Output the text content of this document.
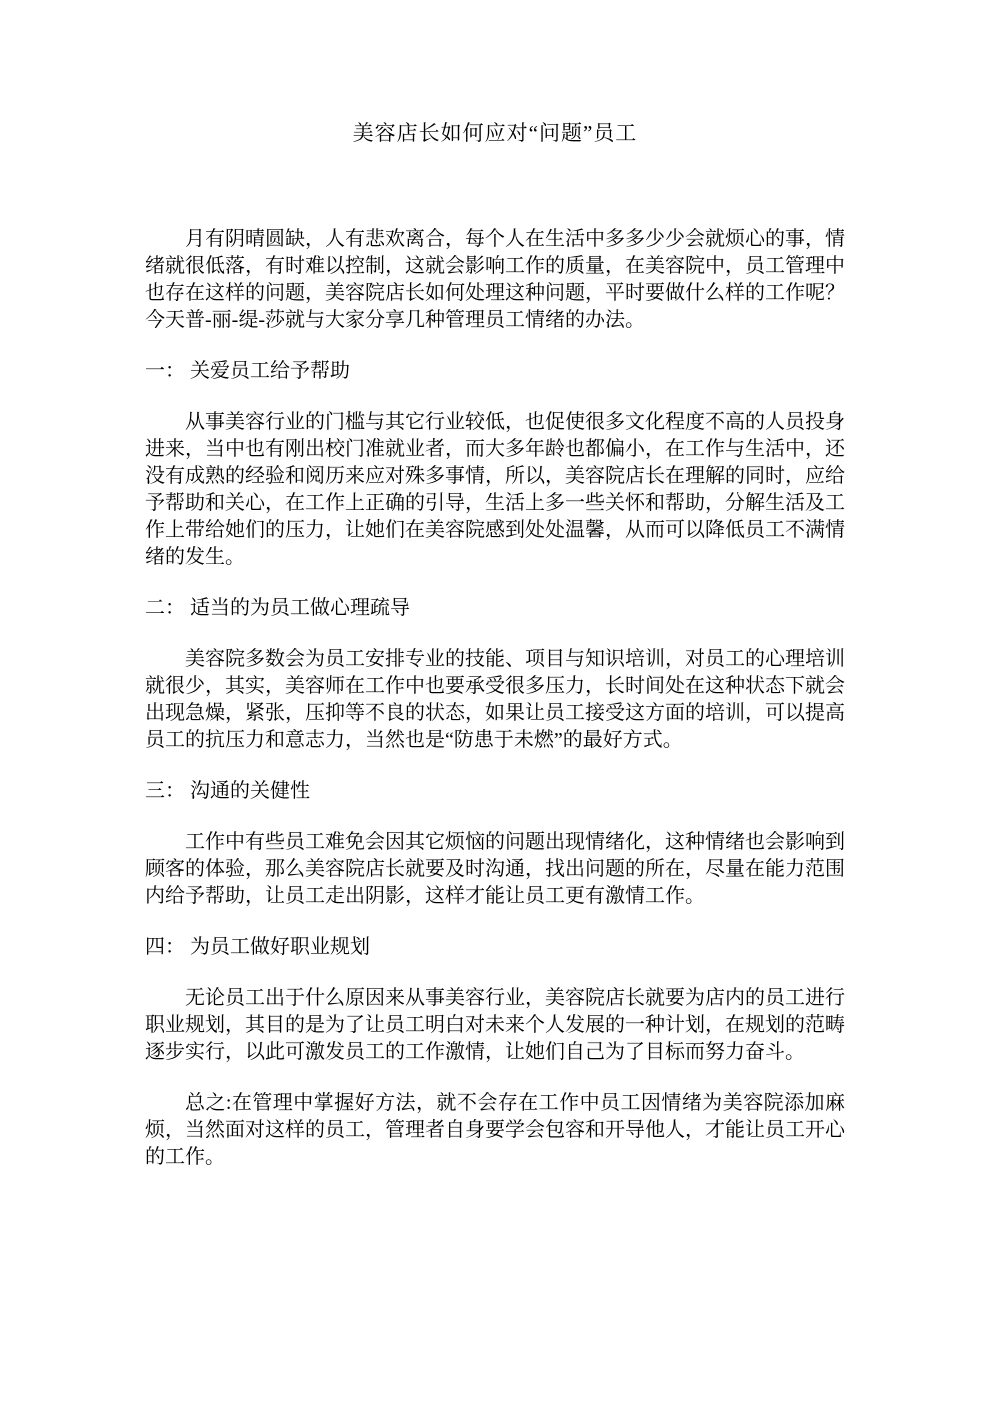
美容店长如何应对“问题”员工

月有阴晴圆缺，人有悲欢离合，每个人在生活中多多少少会就烦心的事，情绪就很低落，有时难以控制，这就会影响工作的质量，在美容院中，员工管理中也存在这样的问题，美容院店长如何处理这种问题，平时要做什么样的工作呢？今天普-丽-缇-莎就与大家分享几种管理员工情绪的办法。

一： 关爱员工给予帮助

从事美容行业的门槛与其它行业较低，也促使很多文化程度不高的人员投身进来，当中也有刚出校门准就业者，而大多年龄也都偏小，在工作与生活中，还没有成熟的经验和阅历来应对殊多事情，所以，美容院店长在理解的同时，应给予帮助和关心，在工作上正确的引导，生活上多一些关怀和帮助，分解生活及工作上带给她们的压力，让她们在美容院感到处处温馨，从而可以降低员工不满情绪的发生。

二： 适当的为员工做心理疏导

美容院多数会为员工安排专业的技能、项目与知识培训，对员工的心理培训就很少，其实，美容师在工作中也要承受很多压力，长时间处在这种状态下就会出现急燥，紧张，压抑等不良的状态，如果让员工接受这方面的培训，可以提高员工的抗压力和意志力，当然也是“防患于未燃”的最好方式。

三： 沟通的关健性

工作中有些员工难免会因其它烦恼的问题出现情绪化，这种情绪也会影响到顾客的体验，那么美容院店长就要及时沟通，找出问题的所在，尽量在能力范围内给予帮助，让员工走出阴影，这样才能让员工更有激情工作。

四： 为员工做好职业规划

无论员工出于什么原因来从事美容行业，美容院店长就要为店内的员工进行职业规划，其目的是为了让员工明白对未来个人发展的一种计划，在规划的范畴逐步实行，以此可激发员工的工作激情，让她们自己为了目标而努力奋斗。

总之:在管理中掌握好方法，就不会存在工作中员工因情绪为美容院添加麻烦，当然面对这样的员工，管理者自身要学会包容和开导他人，才能让员工开心的工作。
